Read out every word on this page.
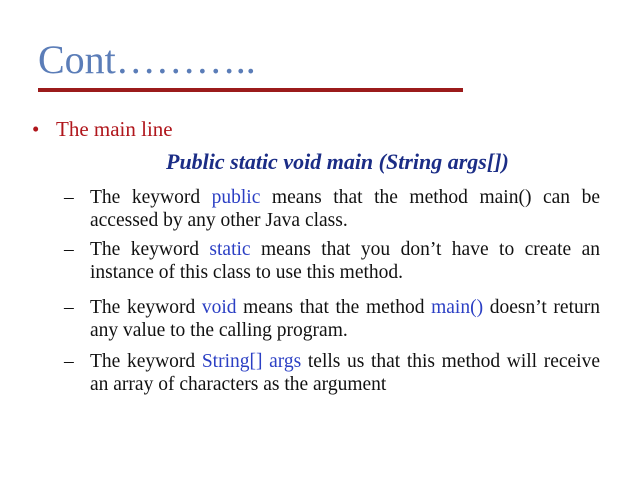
Cont………..
• The main line
Public static void main (String args[])
– The keyword public means that the method main() can be accessed by any other Java class.
– The keyword static means that you don’t have to create an instance of this class to use this method.
– The keyword void means that the method main() doesn’t return any value to the calling program.
– The keyword String[] args tells us that this method will receive an array of characters as the argument
